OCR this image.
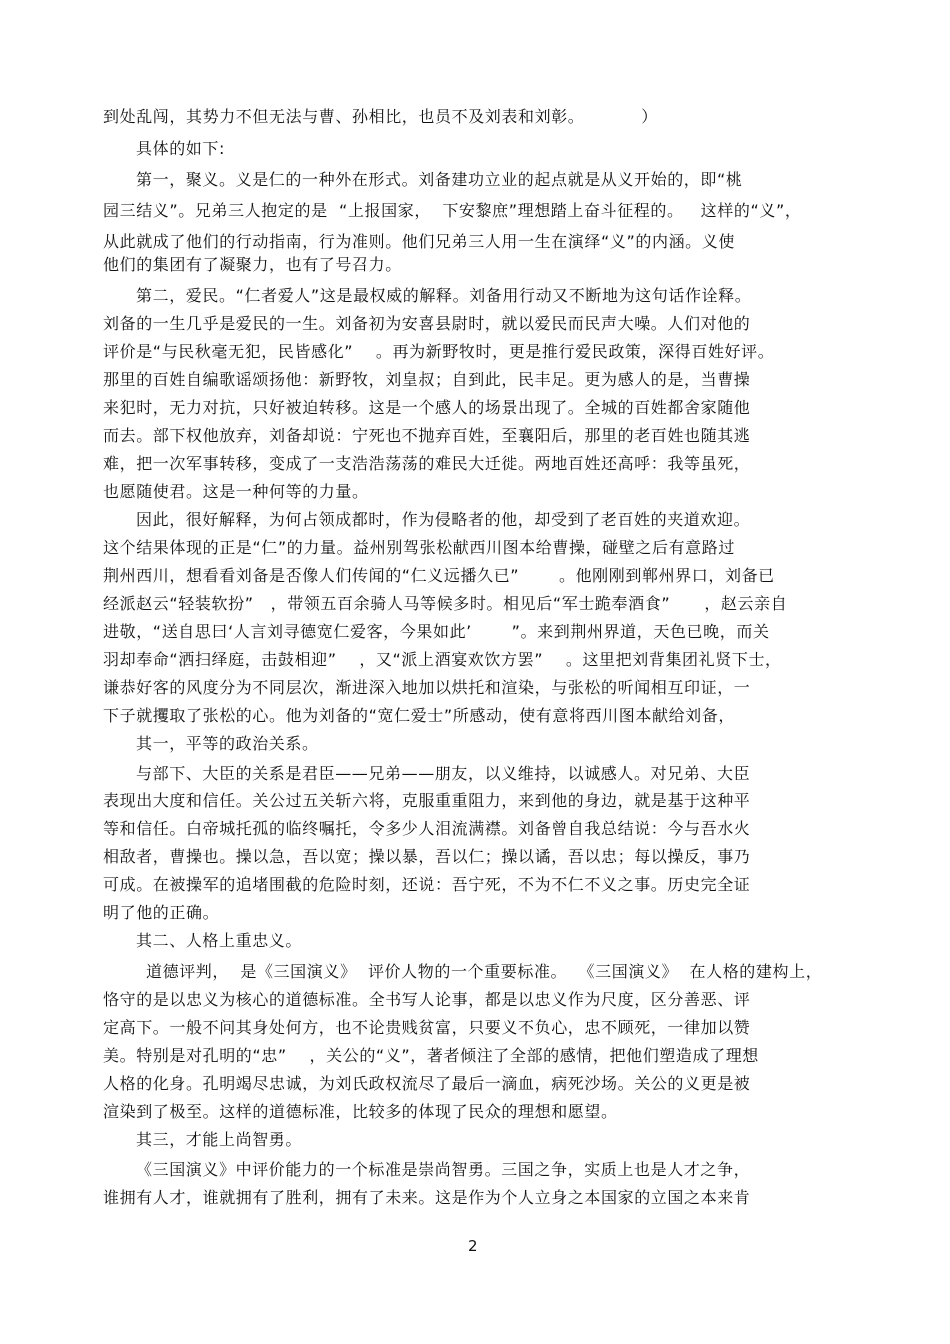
到处乱闯，其势力不但无法与曹、孙相比，也员不及刘表和刘彰。          ）
具体的如下:
第一，聚义。义是仁的一种外在形式。刘备建功立业的起点就是从义开始的，即“桃
园三结义”。兄弟三人抱定的是  “上报国家，  下安黎庶”理想踏上奋斗征程的。   这样的“义”，
从此就成了他们的行动指南，行为准则。他们兄弟三人用一生在演绎“义”的内涵。义使
他们的集团有了凝聚力，也有了号召力。
第二，爱民。“仁者爱人”这是最权威的解释。刘备用行动又不断地为这句话作诠释。
刘备的一生几乎是爱民的一生。刘备初为安喜县尉时，就以爱民而民声大噪。人们对他的
评价是“与民秋毫无犯，民皆感化”    。再为新野牧时，更是推行爱民政策，深得百姓好评。
那里的百姓自编歌谣颂扬他：新野牧，刘皇叔；自到此，民丰足。更为感人的是，当曹操
来犯时，无力对抗，只好被迫转移。这是一个感人的场景出现了。全城的百姓都舍家随他
而去。部下权他放弃，刘备却说：宁死也不抛弃百姓，至襄阳后，那里的老百姓也随其逃
难，把一次军事转移，变成了一支浩浩荡荡的难民大迁徙。两地百姓还高呼：我等虽死，
也愿随使君。这是一种何等的力量。
因此，很好解释，为何占领成都时，作为侵略者的他，却受到了老百姓的夹道欢迎。
这个结果体现的正是“仁”的力量。益州别驾张松献西川图本给曹操，碰壁之后有意路过
荆州西川，想看看刘备是否像人们传闻的“仁义远播久已”       。他刚刚到郸州界口，刘备已
经派赵云“轻装软扮”   ，带领五百余骑人马等候多时。相见后“军士跪奉酒食”      ，赵云亲自
进敬，“送自思曰‘人言刘寻德宽仁爱客，今果如此’       ”。来到荆州界道，天色已晚，而关
羽却奉命“洒扫绎庭，击鼓相迎”    ，又“派上酒宴欢饮方罢”    。这里把刘背集团礼贤下士，
谦恭好客的风度分为不同层次，渐进深入地加以烘托和渲染，与张松的听闻相互印证，一
下子就攫取了张松的心。他为刘备的“宽仁爱士”所感动，使有意将西川图本献给刘备，
其一，平等的政治关系。
与部下、大臣的关系是君臣——兄弟——朋友，以义维持，以诚感人。对兄弟、大臣
表现出大度和信任。关公过五关斩六将，克服重重阻力，来到他的身边，就是基于这种平
等和信任。白帝城托孤的临终嘱托，令多少人泪流满襟。刘备曾自我总结说：今与吾水火
相敌者，曹操也。操以急，吾以宽；操以暴，吾以仁；操以谲，吾以忠；每以操反，事乃
可成。在被操军的追堵围截的危险时刻，还说：吾宁死，不为不仁不义之事。历史完全证
明了他的正确。
其二、人格上重忠义。
道德评判，  是《三国演义》  评价人物的一个重要标准。  《三国演义》  在人格的建构上，
恪守的是以忠义为核心的道德标准。全书写人论事，都是以忠义作为尺度，区分善恶、评
定高下。一般不问其身处何方，也不论贵贱贫富，只要义不负心，忠不顾死，一律加以赞
美。特别是对孔明的“忠”    ，关公的“义”，著者倾注了全部的感情，把他们塑造成了理想
人格的化身。孔明竭尽忠诚，为刘氏政权流尽了最后一滴血，病死沙场。关公的义更是被
渲染到了极至。这样的道德标准，比较多的体现了民众的理想和愿望。
其三，才能上尚智勇。
《三国演义》中评价能力的一个标准是崇尚智勇。三国之争，实质上也是人才之争，
谁拥有人才，谁就拥有了胜利，拥有了未来。这是作为个人立身之本国家的立国之本来肯
2
